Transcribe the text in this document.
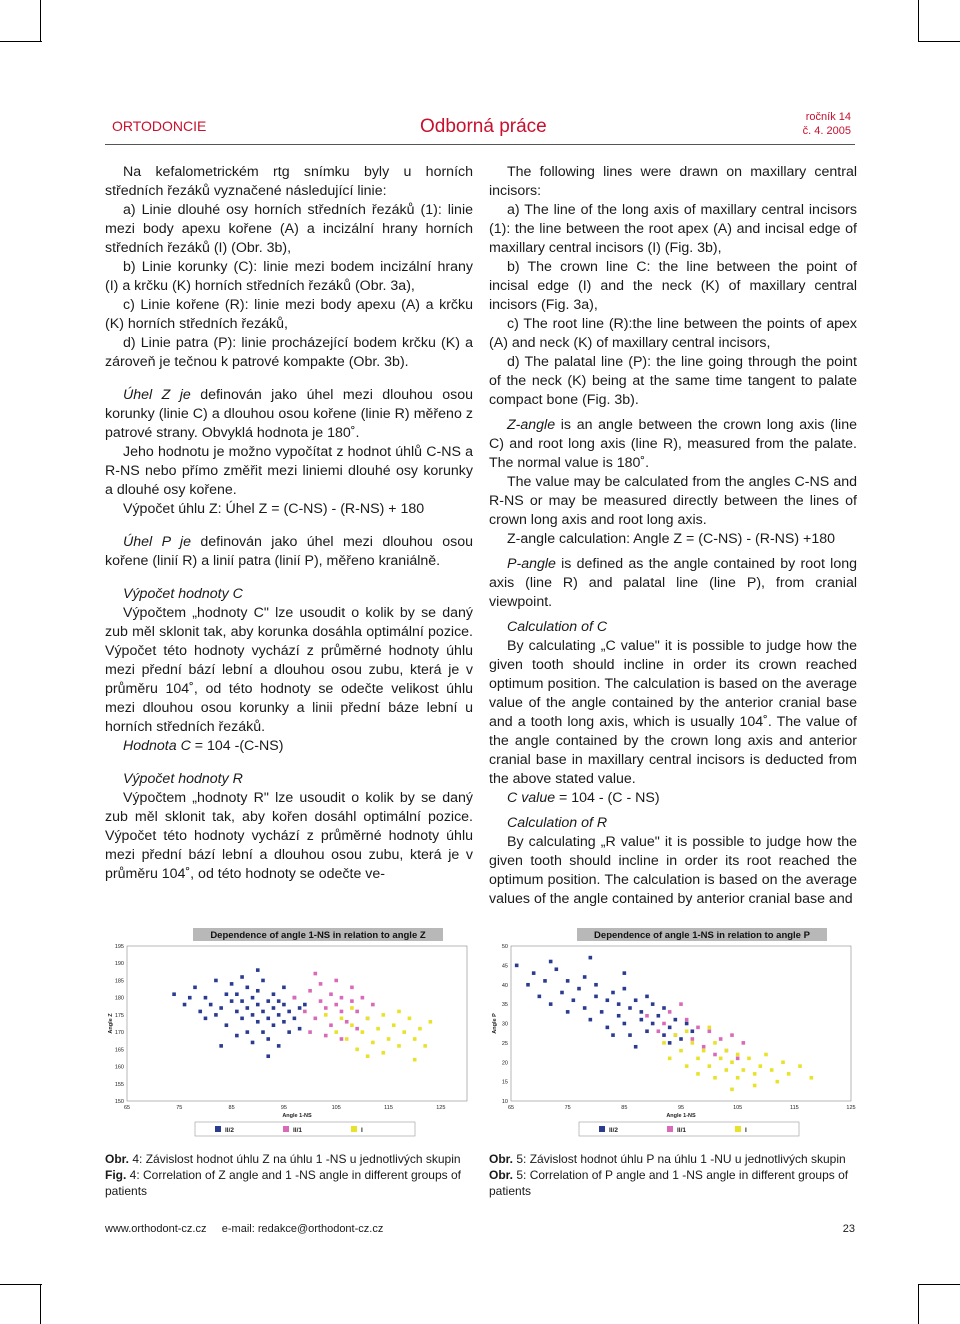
ORTODONCIE	Odborná práce	ročník 14
č. 4. 2005

Na kefalometrickém rtg snímku byly u horních středních řezáků vyznačené následující linie:

a) Linie dlouhé osy horních středních řezáků (1): linie mezi body apexu kořene (A) a incizální hrany horních středních řezáků (I) (Obr. 3b),

b) Linie korunky (C): linie mezi bodem incizální hrany (I) a krčku (K) horních středních řezáků (Obr. 3a),

c) Linie kořene (R): linie mezi body apexu (A) a krčku (K) horních středních řezáků,

d) Linie patra (P): linie procházející bodem krčku (K) a zároveň je tečnou k patrové kompakte (Obr. 3b).

Úhel Z je definován jako úhel mezi dlouhou osou korunky (linie C) a dlouhou osou kořene (linie R) měřeno z patrové strany. Obvyklá hodnota je 180˚.

Jeho hodnotu je možno vypočítat z hodnot úhlů C-NS a R-NS nebo přímo změřit mezi liniemi dlouhé osy korunky a dlouhé osy kořene.

Výpočet úhlu Z: Úhel Z = (C-NS) - (R-NS) + 180

Úhel P je definován jako úhel mezi dlouhou osou kořene (linií R) a linií patra (linií P), měřeno kraniálně.

Výpočet hodnoty C

Výpočtem „hodnoty C" lze usoudit o kolik by se daný zub měl sklonit tak, aby korunka dosáhla optimální pozice. Výpočet této hodnoty vychází z průměrné hodnoty úhlu mezi přední bází lební a dlouhou osou zubu, která je v průměru 104˚, od této hodnoty se odečte velikost úhlu mezi dlouhou osou korunky a linii přední báze lební u horních středních řezáků.

Hodnota C = 104 -(C-NS)

Výpočet hodnoty R

Výpočtem „hodnoty R" lze usoudit o kolik by se daný zub měl sklonit tak, aby kořen dosáhl optimální pozice. Výpočet této hodnoty vychází z průměrné hodnoty úhlu mezi přední bází lební a dlouhou osou zubu, která je v průměru 104˚, od této hodnoty se odečte ve-

The following lines were drawn on maxillary central incisors:

a) The line of the long axis of maxillary central incisors (1): the line between the root apex (A) and incisal edge of maxillary central incisors (I) (Fig. 3b),

b) The crown line C: the line between the point of incisal edge (I) and the neck (K) of maxillary central incisors (Fig. 3a),

c) The root line (R):the line between the points of apex (A) and neck (K) of maxillary central incisors,

d) The palatal line (P): the line going through the point of the neck (K) being at the same time tangent to palate compact bone (Fig. 3b).

Z-angle is an angle between the crown long axis (line C) and root long axis (line R), measured from the palate. The normal value is 180˚.

The value may be calculated from the angles C-NS and R-NS or may be measured directly between the lines of crown long axis and root long axis.

Z-angle calculation: Angle Z = (C-NS) - (R-NS) +180

P-angle is defined as the angle contained by root long axis (line R) and palatal line (line P), from cranial viewpoint.

Calculation of C

By calculating „C value" it is possible to judge how the given tooth should incline in order its crown reached optimum position. The calculation is based on the average value of the angle contained by the anterior cranial base and a tooth long axis, which is usually 104˚. The value of the angle contained by the crown long axis and anterior cranial base in maxillary central incisors is deducted from the above stated value.

C value = 104 - (C - NS)

Calculation of R

By calculating „R value" it is possible to judge how the given tooth should incline in order its root reached the optimum position. The calculation is based on the average values of the angle contained by anterior cranial base and

Dependence of angle 1-NS in relation to angle Z
150
155
160
165
170
175
180
185
190
195
65	75	85	95	105	115	125
Angle 1-NS
Angle Z
II/2	II/1	I
Dependence of angle 1-NS in relation to angle P
10
15
20
25
30
35
40
45
50
65	75	85	95	105	115	125
Angle 1-NS
Angle P
II/2	II/1	I
Obr. 4: Závislost hodnot úhlu Z na úhlu 1 -NS u jednotlivých skupin
Fig. 4: Correlation of Z angle and 1 -NS angle in different groups of patients
Obr. 5: Závislost hodnot úhlu P na úhlu 1 -NU u jednotlivých skupin
Obr. 5: Correlation of P angle and 1 -NS angle in different groups of patients
www.orthodont-cz.cz e-mail: redakce@orthodont-cz.cz	23
